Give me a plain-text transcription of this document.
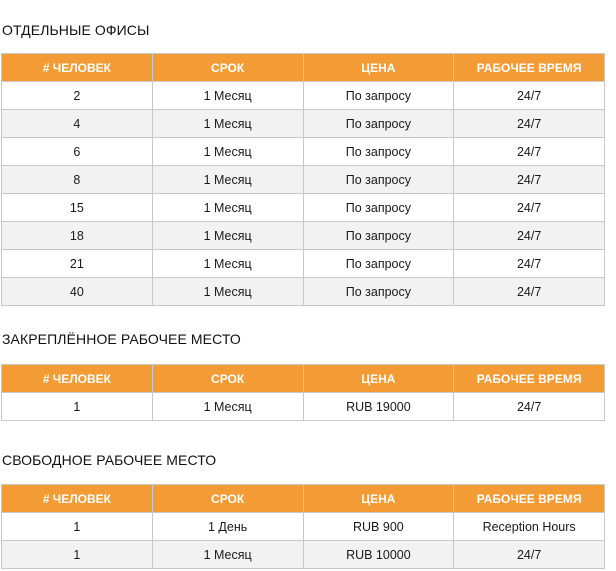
ОТДЕЛЬНЫЕ ОФИСЫ
# ЧЕЛОВЕК	СРОК	ЦЕНА	РАБОЧЕЕ ВРЕМЯ
2	1 Месяц	По запросу	24/7
4	1 Месяц	По запросу	24/7
6	1 Месяц	По запросу	24/7
8	1 Месяц	По запросу	24/7
15	1 Месяц	По запросу	24/7
18	1 Месяц	По запросу	24/7
21	1 Месяц	По запросу	24/7
40	1 Месяц	По запросу	24/7
ЗАКРЕПЛЁННОЕ РАБОЧЕЕ МЕСТО
# ЧЕЛОВЕК	СРОК	ЦЕНА	РАБОЧЕЕ ВРЕМЯ
1	1 Месяц	RUB 19000	24/7
СВОБОДНОЕ РАБОЧЕЕ МЕСТО
# ЧЕЛОВЕК	СРОК	ЦЕНА	РАБОЧЕЕ ВРЕМЯ
1	1 День	RUB 900	Reception Hours
1	1 Месяц	RUB 10000	24/7
